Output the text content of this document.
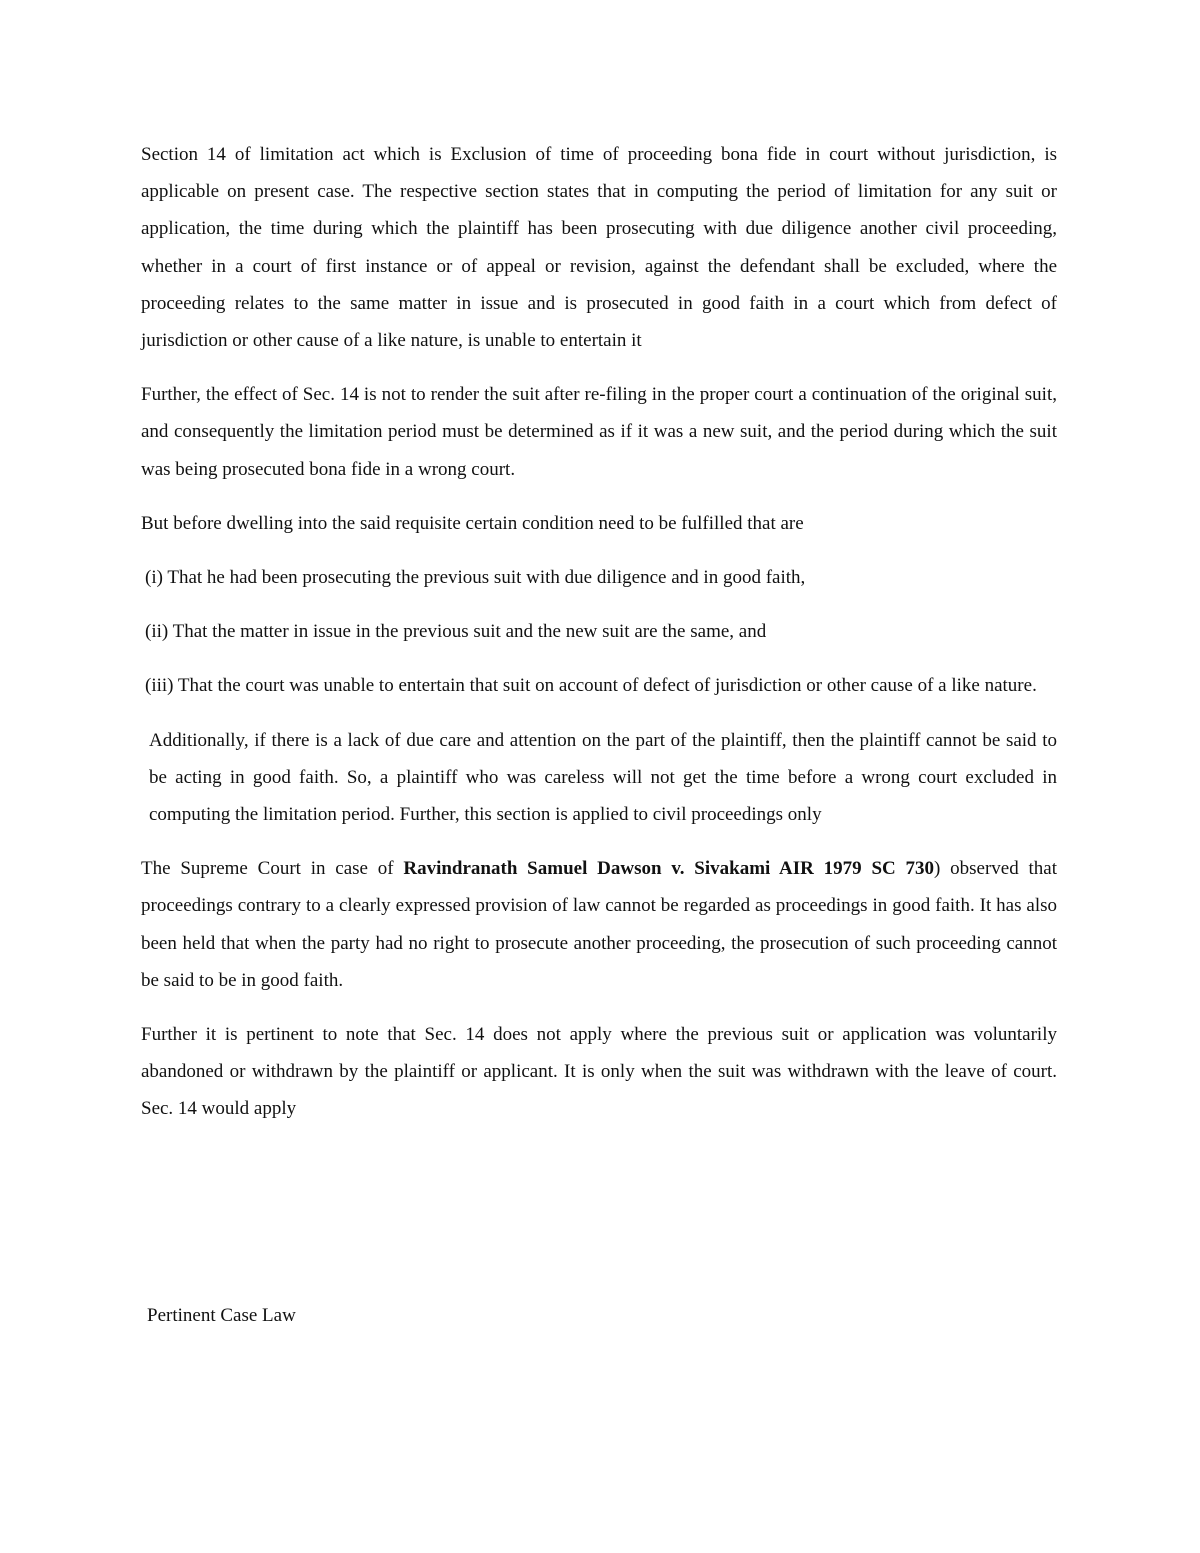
Section 14 of limitation act which is Exclusion of time of proceeding bona fide in court without jurisdiction, is applicable on present case. The respective section states that in computing the period of limitation for any suit or application, the time during which the plaintiff has been prosecuting with due diligence another civil proceeding, whether in a court of first instance or of appeal or revision, against the defendant shall be excluded, where the proceeding relates to the same matter in issue and is prosecuted in good faith in a court which from defect of jurisdiction or other cause of a like nature, is unable to entertain it

Further, the effect of Sec. 14 is not to render the suit after re-filing in the proper court a continuation of the original suit, and consequently the limitation period must be determined as if it was a new suit, and the period during which the suit was being prosecuted bona fide in a wrong court.

But before dwelling into the said requisite certain condition need to be fulfilled that are

(i) That he had been prosecuting the previous suit with due diligence and in good faith,

(ii) That the matter in issue in the previous suit and the new suit are the same, and

(iii) That the court was unable to entertain that suit on account of defect of jurisdiction or other cause of a like nature.

Additionally, if there is a lack of due care and attention on the part of the plaintiff, then the plaintiff cannot be said to be acting in good faith. So, a plaintiff who was careless will not get the time before a wrong court excluded in computing the limitation period. Further, this section is applied to civil proceedings only

The Supreme Court in case of Ravindranath Samuel Dawson v. Sivakami AIR 1979 SC 730) observed that proceedings contrary to a clearly expressed provision of law cannot be regarded as proceedings in good faith. It has also been held that when the party had no right to prosecute another proceeding, the prosecution of such proceeding cannot be said to be in good faith.

Further it is pertinent to note that Sec. 14 does not apply where the previous suit or application was voluntarily abandoned or withdrawn by the plaintiff or applicant. It is only when the suit was withdrawn with the leave of court. Sec. 14 would apply

Pertinent Case Law
